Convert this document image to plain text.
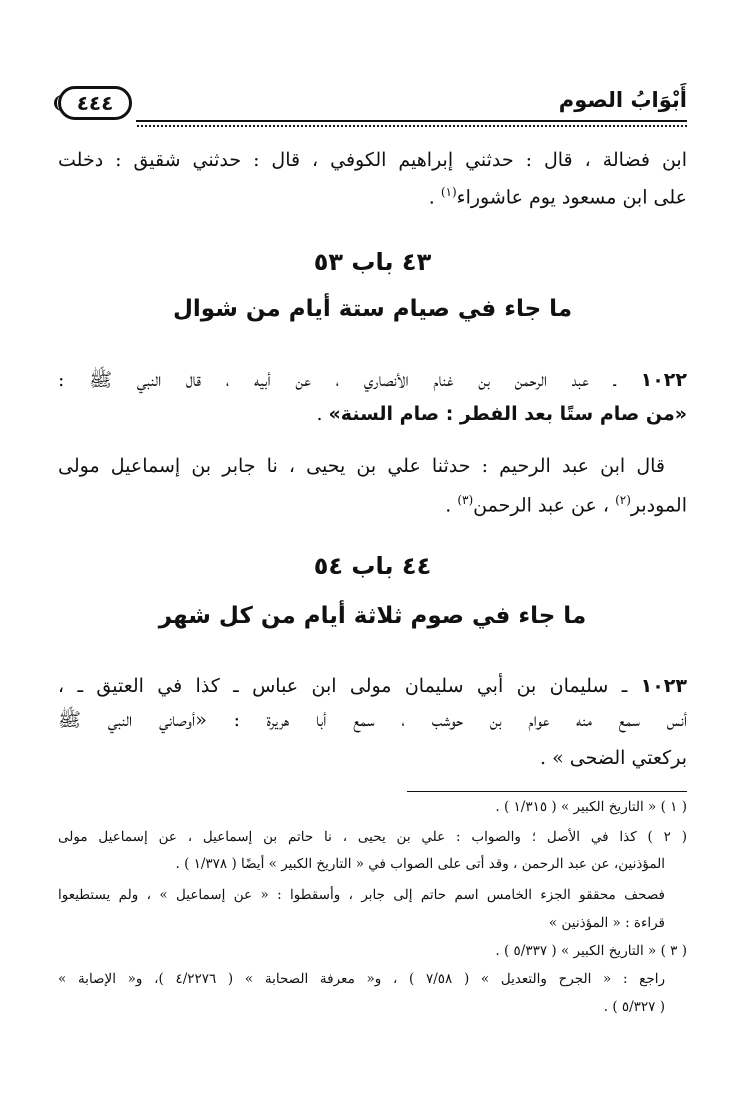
٤٤٤	أَبْوَابُ الصوم
ابن فضالة ، قال : حدثني إبراهيم الكوفي ، قال : حدثني شقيق : دخلت
على ابن مسعود يوم عاشوراء$^{(١)}$ .
٤٣ باب ٥٣
ما جاء في صيام ستة أيام من شوال
١٠٢٢ ـ عبد الرحمن بن غنام الأنصاري ، عن أبيه ، قال النبي ﷺ :
«من صام ستًا بعد الفطر : صام السنة» .
قال ابن عبد الرحيم : حدثنا علي بن يحيى ، نا جابر بن إسماعيل مولى
المودبر$^{(٢)}$ ، عن عبد الرحمن$^{(٣)}$ .
٤٤ باب ٥٤
ما جاء في صوم ثلاثة أيام من كل شهر
١٠٢٣ ـ سليمان بن أبي سليمان مولى ابن عباس ـ كذا في العتيق ـ ،
أنس سمع منه عوام بن حوشب ، سمع أبا هريرة : «أوصاني النبي ﷺ
بركعتي الضحى » .
( ١ ) « التاريخ الكبير » ( ١/٣١٥ ) .
( ٢ ) كذا في الأصل ؛ والصواب : علي بن يحيى ، نا حاتم بن إسماعيل ، عن إسماعيل مولى
المؤذنين، عن عبد الرحمن ، وقد أتى على الصواب في « التاريخ الكبير » أيضًا ( ١/٣٧٨ ) .
فصحف محققو الجزء الخامس اسم حاتم إلى جابر ، وأسقطوا : « عن إسماعيل » ، ولم يستطيعوا
قراءة : « المؤذنين »
( ٣ ) « التاريخ الكبير » ( ٥/٣٣٧ ) .
راجع : « الجرح والتعديل » ( ٧/٥٨ ) ، و« معرفة الصحابة » ( ٤/٢٢٧٦ )، و« الإصابة »
( ٥/٣٢٧ ) .
